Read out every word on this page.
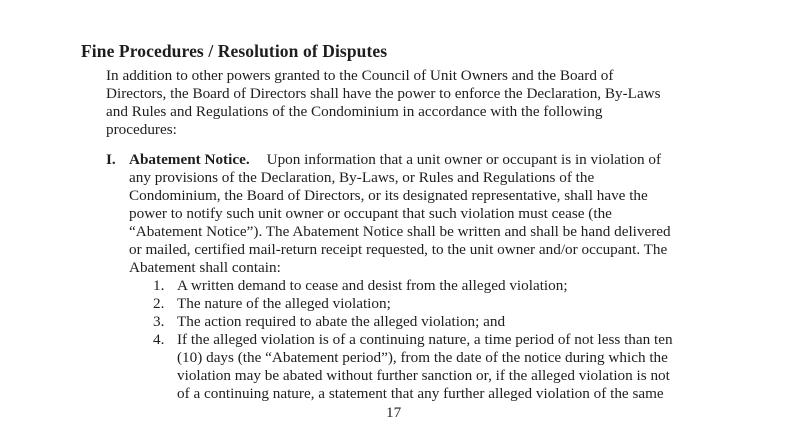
Fine Procedures / Resolution of Disputes
In addition to other powers granted to the Council of Unit Owners and the Board of
Directors, the Board of Directors shall have the power to enforce the Declaration, By-Laws
and Rules and Regulations of the Condominium in accordance with the following
procedures:
I. Abatement Notice. Upon information that a unit owner or occupant is in violation of
any provisions of the Declaration, By-Laws, or Rules and Regulations of the
Condominium, the Board of Directors, or its designated representative, shall have the
power to notify such unit owner or occupant that such violation must cease (the
“Abatement Notice”). The Abatement Notice shall be written and shall be hand delivered
or mailed, certified mail-return receipt requested, to the unit owner and/or occupant. The
Abatement shall contain:
1. A written demand to cease and desist from the alleged violation;
2. The nature of the alleged violation;
3. The action required to abate the alleged violation; and
4. If the alleged violation is of a continuing nature, a time period of not less than ten
(10) days (the “Abatement period”), from the date of the notice during which the
violation may be abated without further sanction or, if the alleged violation is not
of a continuing nature, a statement that any further alleged violation of the same
17
